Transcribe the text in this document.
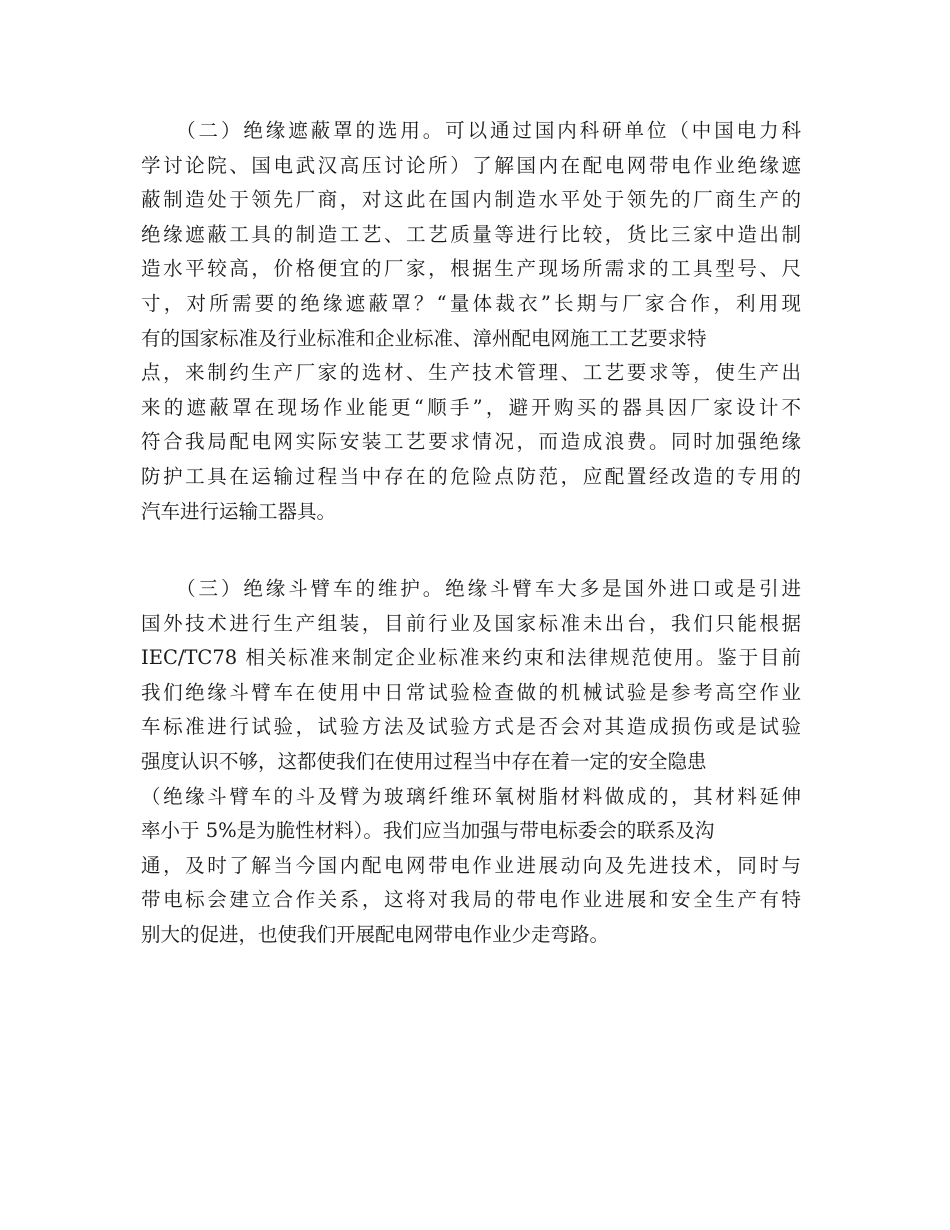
　　（二）绝缘遮蔽罩的选用。可以通过国内科研单位（中国电力科
学讨论院、国电武汉高压讨论所）了解国内在配电网带电作业绝缘遮
蔽制造处于领先厂商，对这此在国内制造水平处于领先的厂商生产的
绝缘遮蔽工具的制造工艺、工艺质量等进行比较，货比三家中造出制
造水平较高，价格便宜的厂家，根据生产现场所需求的工具型号、尺
寸，对所需要的绝缘遮蔽罩？“量体裁衣”长期与厂家合作，利用现
有的国家标准及行业标准和企业标准、漳州配电网施工工艺要求特
点，来制约生产厂家的选材、生产技术管理、工艺要求等，使生产出
来的遮蔽罩在现场作业能更“顺手”，避开购买的器具因厂家设计不
符合我局配电网实际安装工艺要求情况，而造成浪费。同时加强绝缘
防护工具在运输过程当中存在的危险点防范，应配置经改造的专用的
汽车进行运输工器具。
　　（三）绝缘斗臂车的维护。绝缘斗臂车大多是国外进口或是引进
国外技术进行生产组装，目前行业及国家标准未出台，我们只能根据
IEC/TC78 相关标准来制定企业标准来约束和法律规范使用。鉴于目前
我们绝缘斗臂车在使用中日常试验检查做的机械试验是参考高空作业
车标准进行试验，试验方法及试验方式是否会对其造成损伤或是试验
强度认识不够，这都使我们在使用过程当中存在着一定的安全隐患
（绝缘斗臂车的斗及臂为玻璃纤维环氧树脂材料做成的，其材料延伸
率小于 5%是为脆性材料）。我们应当加强与带电标委会的联系及沟
通，及时了解当今国内配电网带电作业进展动向及先进技术，同时与
带电标会建立合作关系，这将对我局的带电作业进展和安全生产有特
别大的促进，也使我们开展配电网带电作业少走弯路。
